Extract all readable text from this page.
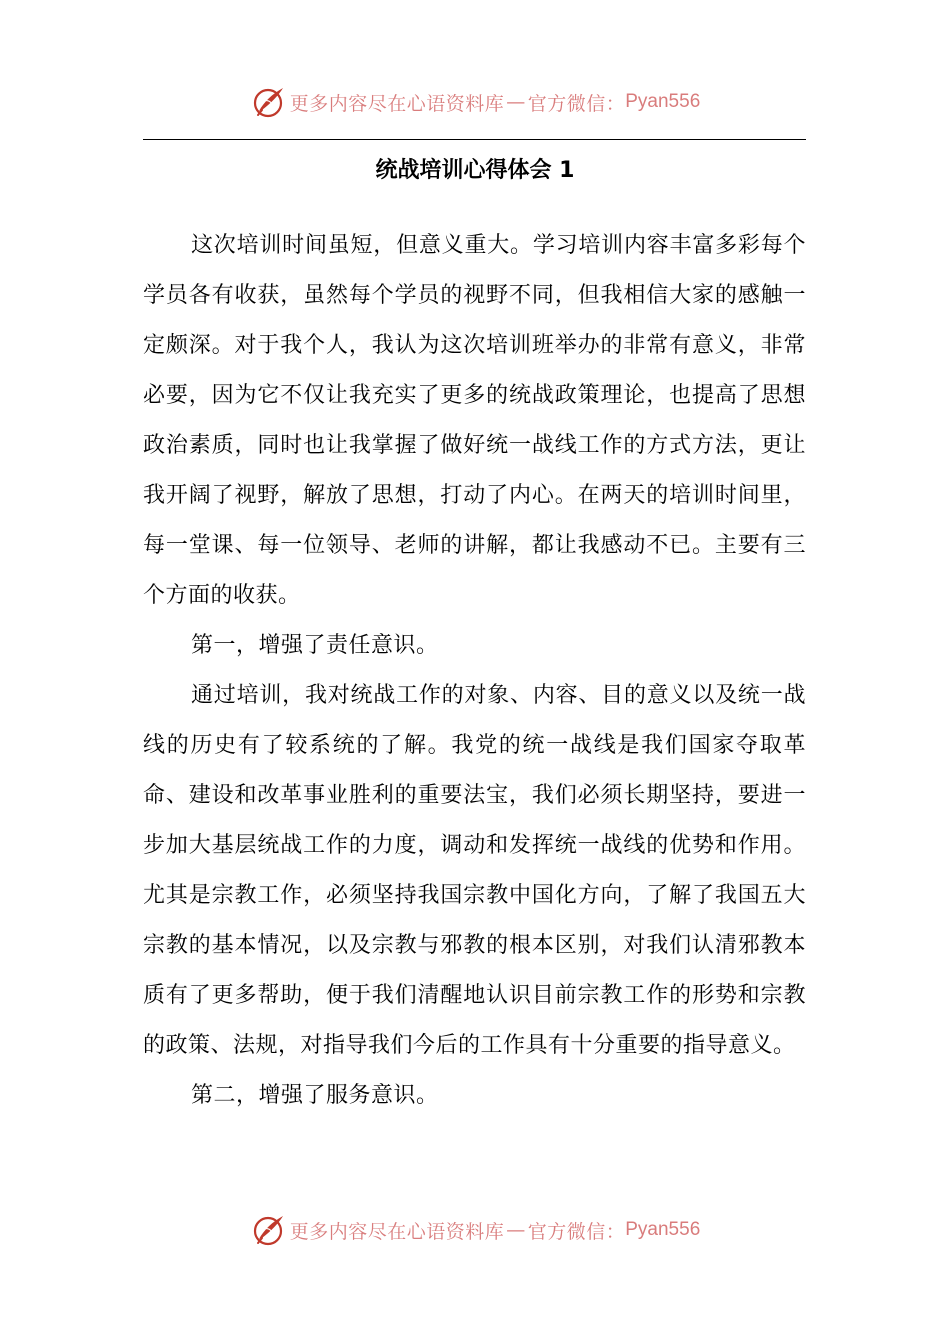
更多内容尽在心语资料库 — 官方微信： Pyan556
统战培训心得体会 1

这次培训时间虽短，但意义重大。学习培训内容丰富多彩每个学员各有收获，虽然每个学员的视野不同，但我相信大家的感触一定颇深。对于我个人，我认为这次培训班举办的非常有意义，非常必要，因为它不仅让我充实了更多的统战政策理论，也提高了思想政治素质，同时也让我掌握了做好统一战线工作的方式方法，更让我开阔了视野，解放了思想，打动了内心。在两天的培训时间里，每一堂课、每一位领导、老师的讲解，都让我感动不已。主要有三个方面的收获。

第一，增强了责任意识。

通过培训，我对统战工作的对象、内容、目的意义以及统一战线的历史有了较系统的了解。我党的统一战线是我们国家夺取革命、建设和改革事业胜利的重要法宝，我们必须长期坚持，要进一步加大基层统战工作的力度，调动和发挥统一战线的优势和作用。尤其是宗教工作，必须坚持我国宗教中国化方向，了解了我国五大宗教的基本情况，以及宗教与邪教的根本区别，对我们认清邪教本质有了更多帮助，便于我们清醒地认识目前宗教工作的形势和宗教的政策、法规，对指导我们今后的工作具有十分重要的指导意义。

第二，增强了服务意识。

更多内容尽在心语资料库 — 官方微信： Pyan556
